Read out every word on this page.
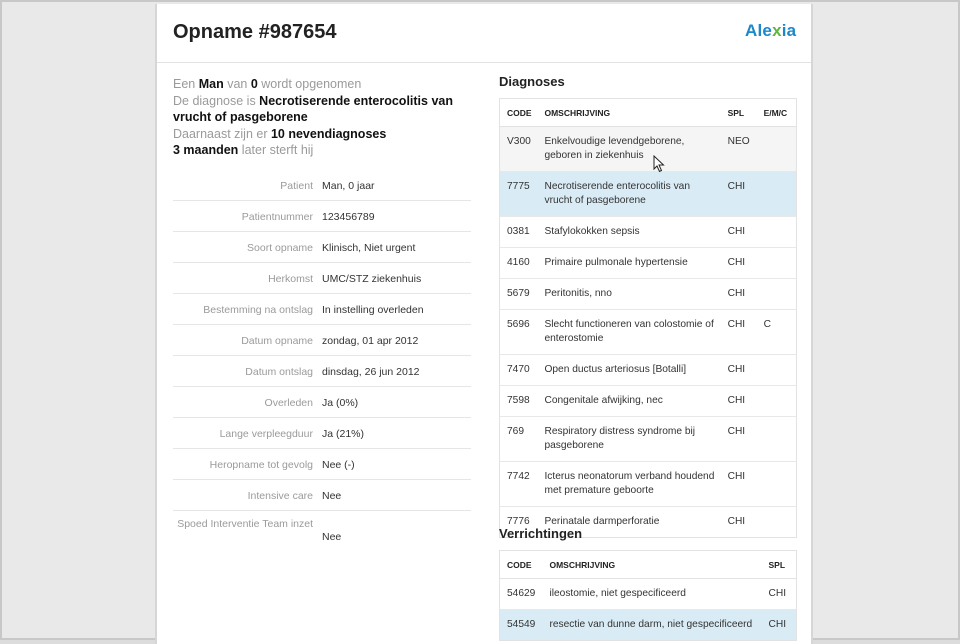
Opname #987654	Alexia
Een Man van 0 wordt opgenomen
De diagnose is Necrotiserende enterocolitis van vrucht of pasgeborene
Daarnaast zijn er 10 nevendiagnoses
3 maanden later sterft hij
Patient Man, 0 jaar
Patientnummer 123456789
Soort opname Klinisch, Niet urgent
Herkomst UMC/STZ ziekenhuis
Bestemming na ontslag In instelling overleden
Datum opname zondag, 01 apr 2012
Datum ontslag dinsdag, 26 jun 2012
Overleden Ja (0%)
Lange verpleegduur Ja (21%)
Heropname tot gevolg Nee (-)
Intensive care Nee
Spoed Interventie Team inzet
Nee
Diagnoses
CODE	OMSCHRIJVING	SPL	E/M/C
V300	Enkelvoudige levendgeborene, geboren in ziekenhuis	NEO	
7775	Necrotiserende enterocolitis van vrucht of pasgeborene	CHI	
0381	Stafylokokken sepsis	CHI	
4160	Primaire pulmonale hypertensie	CHI	
5679	Peritonitis, nno	CHI	
5696	Slecht functioneren van colostomie of enterostomie	CHI	C
7470	Open ductus arteriosus [Botalli]	CHI	
7598	Congenitale afwijking, nec	CHI	
769	Respiratory distress syndrome bij pasgeborene	CHI	
7742	Icterus neonatorum verband houdend met premature geboorte	CHI	
7776	Perinatale darmperforatie	CHI	
Verrichtingen
CODE	OMSCHRIJVING	SPL
54629	ileostomie, niet gespecificeerd	CHI
54549	resectie van dunne darm, niet gespecificeerd	CHI
